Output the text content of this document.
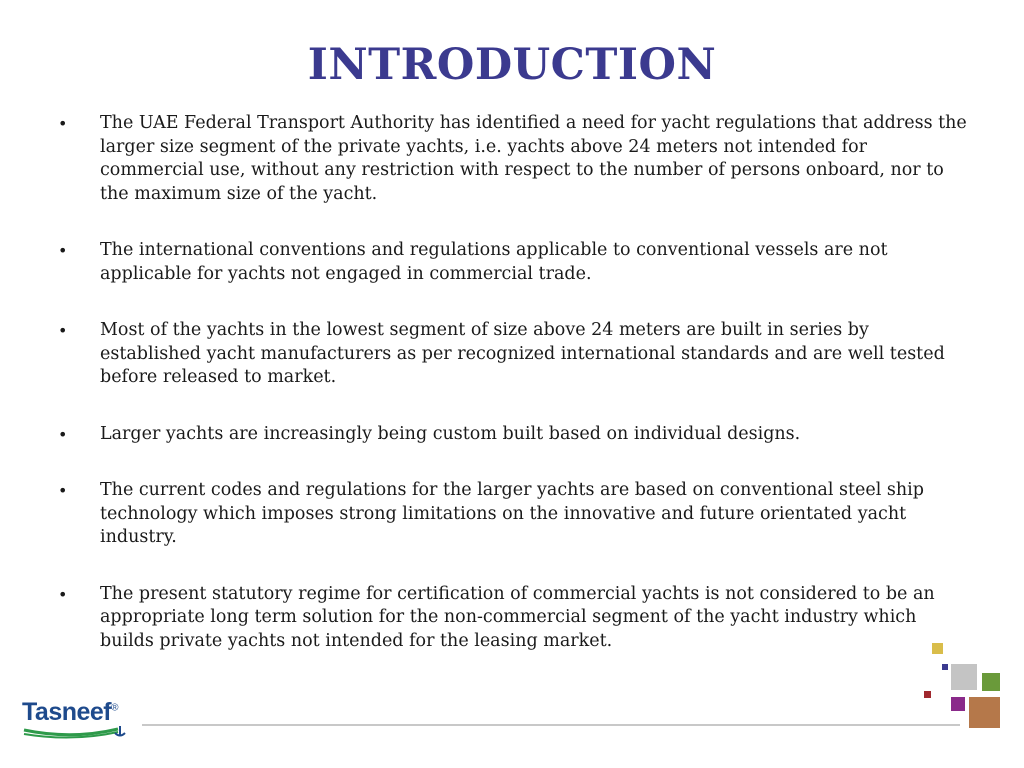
INTRODUCTION
• The UAE Federal Transport Authority has identified a need for yacht regulations that address the larger size segment of the private yachts, i.e. yachts above 24 meters not intended for commercial use, without any restriction with respect to the number of persons onboard, nor to the maximum size of the yacht.
• The international conventions and regulations applicable to conventional vessels are not applicable for yachts not engaged in commercial trade.
• Most of the yachts in the lowest segment of size above 24 meters are built in series by established yacht manufacturers as per recognized international standards and are well tested before released to market.
• Larger yachts are increasingly being custom built based on individual designs.
• The current codes and regulations for the larger yachts are based on conventional steel ship technology which imposes strong limitations on the innovative and future orientated yacht industry.
• The present statutory regime for certification of commercial yachts is not considered to be an appropriate long term solution for the non-commercial segment of the yacht industry which builds private yachts not intended for the leasing market.
Tasneef®
